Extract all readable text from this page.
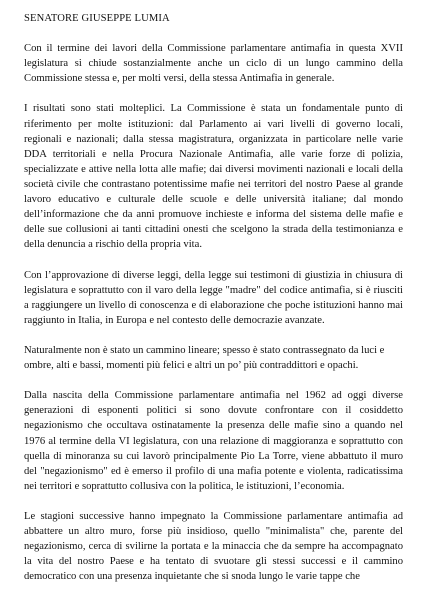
SENATORE GIUSEPPE LUMIA

Con il termine dei lavori della Commissione parlamentare antimafia in questa XVII legislatura si chiude sostanzialmente anche un ciclo di un lungo cammino della Commissione stessa e, per molti versi, della stessa Antimafia in generale.

I risultati sono stati molteplici. La Commissione è stata un fondamentale punto di riferimento per molte istituzioni: dal Parlamento ai vari livelli di governo locali, regionali e nazionali; dalla stessa magistratura, organizzata in particolare nelle varie DDA territoriali e nella Procura Nazionale Antimafia, alle varie forze di polizia, specializzate e attive nella lotta alle mafie; dai diversi movimenti nazionali e locali della società civile che contrastano potentissime mafie nei territori del nostro Paese al grande lavoro educativo e culturale delle scuole e delle università italiane; dal mondo dell’informazione che da anni promuove inchieste e informa del sistema delle mafie e delle sue collusioni ai tanti cittadini onesti che scelgono la strada della testimonianza e della denuncia a rischio della propria vita.

Con l’approvazione di diverse leggi, della legge sui testimoni di giustizia in chiusura di legislatura e soprattutto con il varo della legge "madre" del codice antimafia, si è riusciti a raggiungere un livello di conoscenza e di elaborazione che poche istituzioni hanno mai raggiunto in Italia, in Europa e nel contesto delle democrazie avanzate.

Naturalmente non è stato un cammino lineare; spesso è stato contrassegnato da luci e ombre, alti e bassi, momenti più felici e altri un po’ più contraddittori e opachi.

Dalla nascita della Commissione parlamentare antimafia nel 1962 ad oggi diverse generazioni di esponenti politici si sono dovute confrontare con il cosiddetto negazionismo che occultava ostinatamente la presenza delle mafie sino a quando nel 1976 al termine della VI legislatura, con una relazione di maggioranza e soprattutto con quella di minoranza su cui lavorò principalmente Pio La Torre, viene abbattuto il muro del "negazionismo" ed è emerso il profilo di una mafia potente e violenta, radicatissima nei territori e soprattutto collusiva con la politica, le istituzioni, l’economia.

Le stagioni successive hanno impegnato la Commissione parlamentare antimafia ad abbattere un altro muro, forse più insidioso, quello "minimalista" che, parente del negazionismo, cerca di svilirne la portata e la minaccia che da sempre ha accompagnato la vita del nostro Paese e ha tentato di svuotare gli stessi successi e il cammino democratico con una presenza inquietante che si snoda lungo le varie tappe che
